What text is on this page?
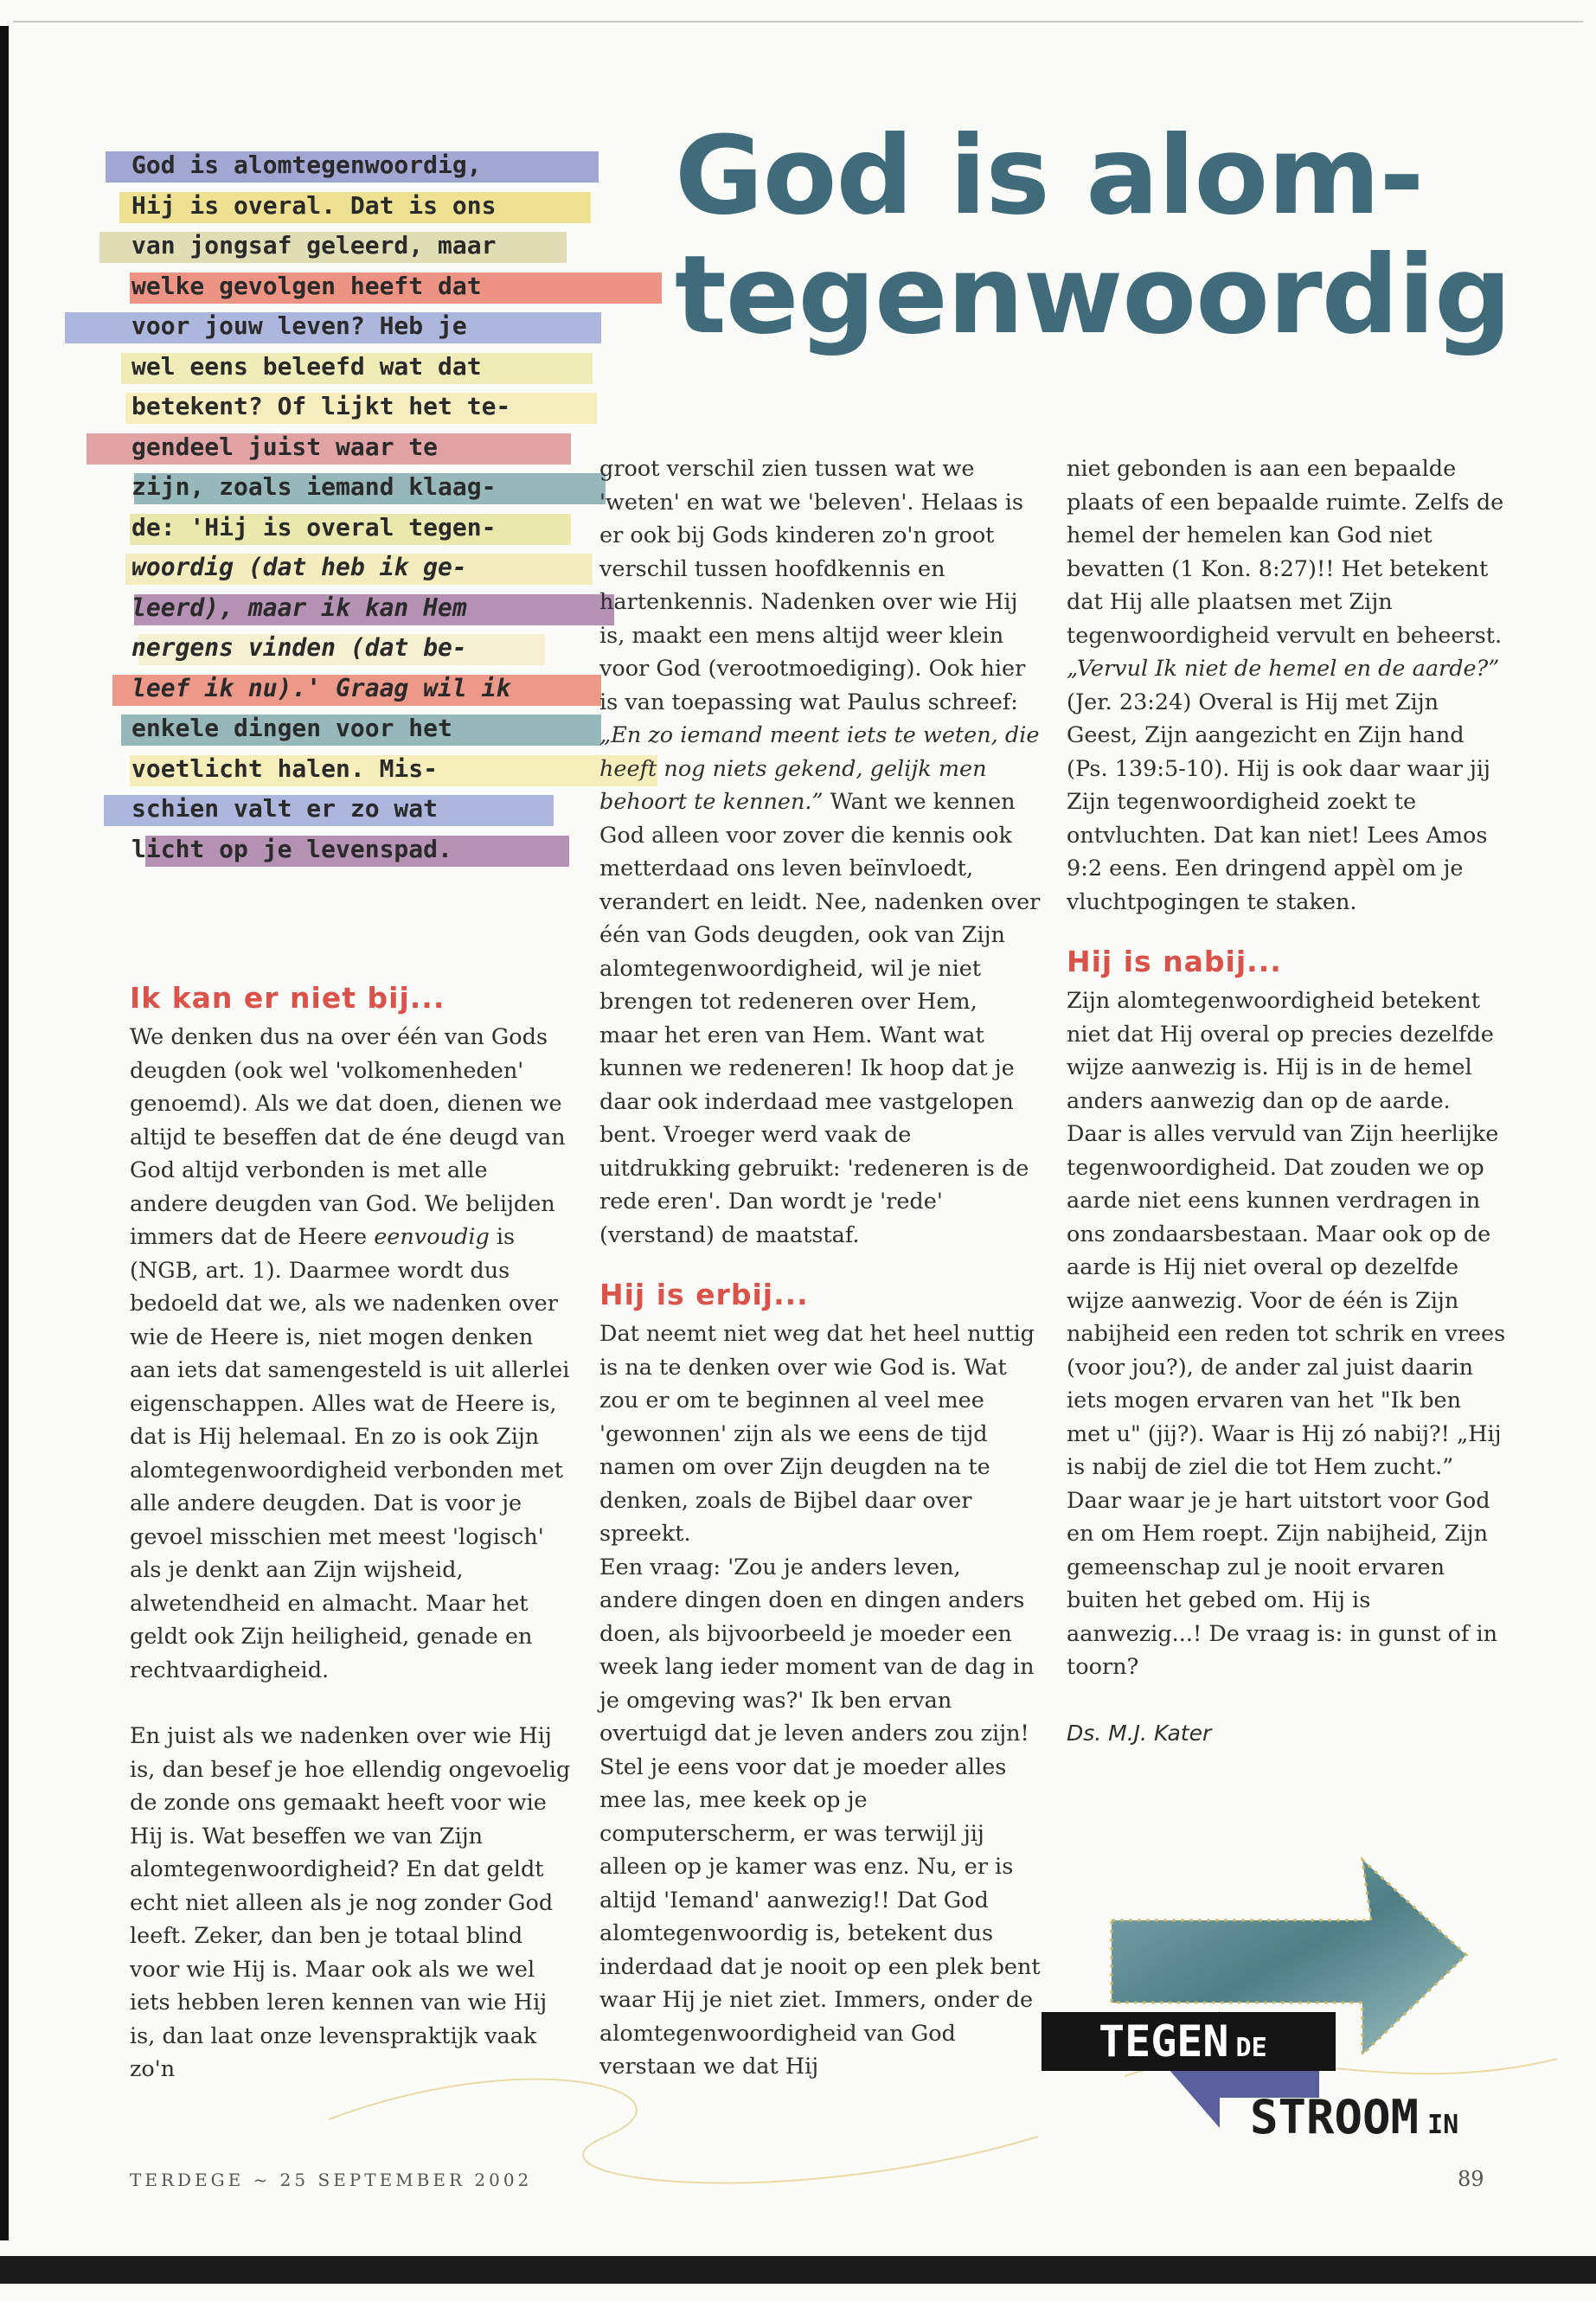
God is alom-
tegenwoordig
God is alomtegenwoordig,
Hij is overal. Dat is ons
van jongsaf geleerd, maar
welke gevolgen heeft dat
voor jouw leven? Heb je
wel eens beleefd wat dat
betekent? Of lijkt het te-
gendeel juist waar te
zijn, zoals iemand klaag-
de: 'Hij is overal tegen-
woordig (dat heb ik ge-
leerd), maar ik kan Hem
nergens vinden (dat be-
leef ik nu).' Graag wil ik
enkele dingen voor het
voetlicht halen. Mis-
schien valt er zo wat
licht op je levenspad.
Ik kan er niet bij...

We denken dus na over één van Gods deugden (ook wel 'volkomenheden' genoemd). Als we dat doen, dienen we altijd te beseffen dat de éne deugd van God altijd verbonden is met alle andere deugden van God. We belijden immers dat de Heere eenvoudig is (NGB, art. 1). Daarmee wordt dus bedoeld dat we, als we nadenken over wie de Heere is, niet mogen denken aan iets dat samengesteld is uit allerlei eigenschappen. Alles wat de Heere is, dat is Hij helemaal. En zo is ook Zijn alomtegenwoordigheid verbonden met alle andere deugden. Dat is voor je gevoel misschien met meest 'logisch' als je denkt aan Zijn wijsheid, alwetendheid en almacht. Maar het geldt ook Zijn heiligheid, genade en rechtvaardigheid.

En juist als we nadenken over wie Hij is, dan besef je hoe ellendig ongevoelig de zonde ons gemaakt heeft voor wie Hij is. Wat beseffen we van Zijn alomtegenwoordigheid? En dat geldt echt niet alleen als je nog zonder God leeft. Zeker, dan ben je totaal blind voor wie Hij is. Maar ook als we wel iets hebben leren kennen van wie Hij is, dan laat onze levenspraktijk vaak zo'n

groot verschil zien tussen wat we 'weten' en wat we 'beleven'. Helaas is er ook bij Gods kinderen zo'n groot verschil tussen hoofdkennis en hartenkennis. Nadenken over wie Hij is, maakt een mens altijd weer klein voor God (verootmoediging). Ook hier is van toepassing wat Paulus schreef: „En zo iemand meent iets te weten, die heeft nog niets gekend, gelijk men behoort te kennen.” Want we kennen God alleen voor zover die kennis ook metterdaad ons leven beïnvloedt, verandert en leidt. Nee, nadenken over één van Gods deugden, ook van Zijn alomtegenwoordigheid, wil je niet brengen tot redeneren over Hem, maar het eren van Hem. Want wat kunnen we redeneren! Ik hoop dat je daar ook inderdaad mee vastgelopen bent. Vroeger werd vaak de uitdrukking gebruikt: 'redeneren is de rede eren'. Dan wordt je 'rede' (verstand) de maatstaf.

Hij is erbij...

Dat neemt niet weg dat het heel nuttig is na te denken over wie God is. Wat zou er om te beginnen al veel mee 'gewonnen' zijn als we eens de tijd namen om over Zijn deugden na te denken, zoals de Bijbel daar over spreekt.

Een vraag: 'Zou je anders leven, andere dingen doen en dingen anders doen, als bijvoorbeeld je moeder een week lang ieder moment van de dag in je omgeving was?' Ik ben ervan overtuigd dat je leven anders zou zijn! Stel je eens voor dat je moeder alles mee las, mee keek op je computerscherm, er was terwijl jij alleen op je kamer was enz. Nu, er is altijd 'Iemand' aanwezig!! Dat God alomtegenwoordig is, betekent dus inderdaad dat je nooit op een plek bent waar Hij je niet ziet. Immers, onder de alomtegenwoordigheid van God verstaan we dat Hij

niet gebonden is aan een bepaalde plaats of een bepaalde ruimte. Zelfs de hemel der hemelen kan God niet bevatten (1 Kon. 8:27)!! Het betekent dat Hij alle plaatsen met Zijn tegenwoordigheid vervult en beheerst. „Vervul Ik niet de hemel en de aarde?” (Jer. 23:24) Overal is Hij met Zijn Geest, Zijn aangezicht en Zijn hand (Ps. 139:5-10). Hij is ook daar waar jij Zijn tegenwoordigheid zoekt te ontvluchten. Dat kan niet! Lees Amos 9:2 eens. Een dringend appèl om je vluchtpogingen te staken.

Hij is nabij...

Zijn alomtegenwoordigheid betekent niet dat Hij overal op precies dezelfde wijze aanwezig is. Hij is in de hemel anders aanwezig dan op de aarde. Daar is alles vervuld van Zijn heerlijke tegenwoordigheid. Dat zouden we op aarde niet eens kunnen verdragen in ons zondaarsbestaan. Maar ook op de aarde is Hij niet overal op dezelfde wijze aanwezig. Voor de één is Zijn nabijheid een reden tot schrik en vrees (voor jou?), de ander zal juist daarin iets mogen ervaren van het "Ik ben met u" (jij?). Waar is Hij zó nabij?! „Hij is nabij de ziel die tot Hem zucht.” Daar waar je je hart uitstort voor God en om Hem roept. Zijn nabijheid, Zijn gemeenschap zul je nooit ervaren buiten het gebed om. Hij is aanwezig...! De vraag is: in gunst of in toorn?

Ds. M.J. Kater

TEGEN DE
STROOM IN
TERDEGE ~ 25 SEPTEMBER 2002	89
